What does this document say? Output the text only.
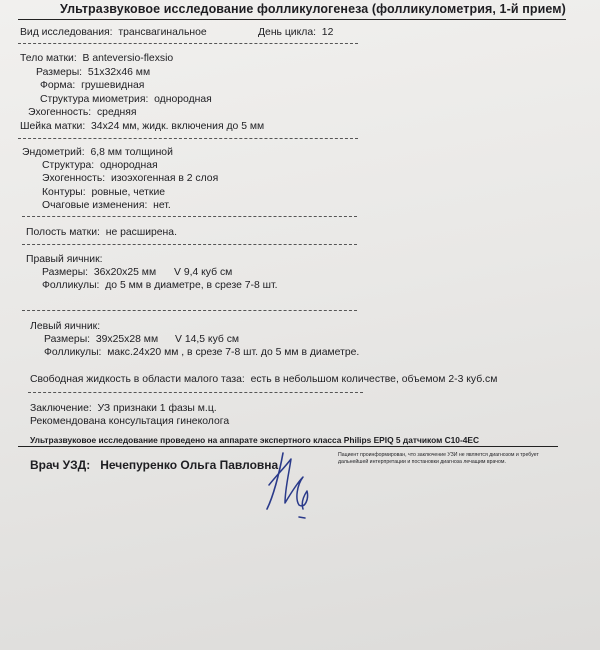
Ультразвуковое исследование фолликулогенеза (фолликулометрия, 1-й прием)
Вид исследования: трансвагинальное	День цикла: 12
Тело матки: В anteversio-flexsio
Размеры: 51x32x46 мм
Форма: грушевидная
Структура миометрия: однородная
Эхогенность: средняя
Шейка матки: 34x24 мм, жидк. включения до 5 мм
Эндометрий: 6,8 мм толщиной
Структура: однородная
Эхогенность: изоэхогенная в 2 слоя
Контуры: ровные, четкие
Очаговые изменения: нет.
Полость матки: не расширена.
Правый яичник:
Размеры: 36x20x25 мм V 9,4 куб см
Фолликулы: до 5 мм в диаметре, в срезе 7-8 шт.
Левый яичник:
Размеры: 39x25x28 мм V 14,5 куб см
Фолликулы: макс.24x20 мм , в срезе 7-8 шт. до 5 мм в диаметре.
Свободная жидкость в области малого таза: есть в небольшом количестве, объемом 2-3 куб.см
Заключение: УЗ признаки 1 фазы м.ц.
Рекомендована консультация гинеколога
Ультразвуковое исследование проведено на аппарате экспертного класса Philips EPIQ 5 датчиком C10-4EC
Врач УЗД: Нечепуренко Ольга Павловна
Пациент проинформирован, что заключение УЗИ не является диагнозом и требует дальнейшей интерпретации и постановки диагноза лечащим врачом.
